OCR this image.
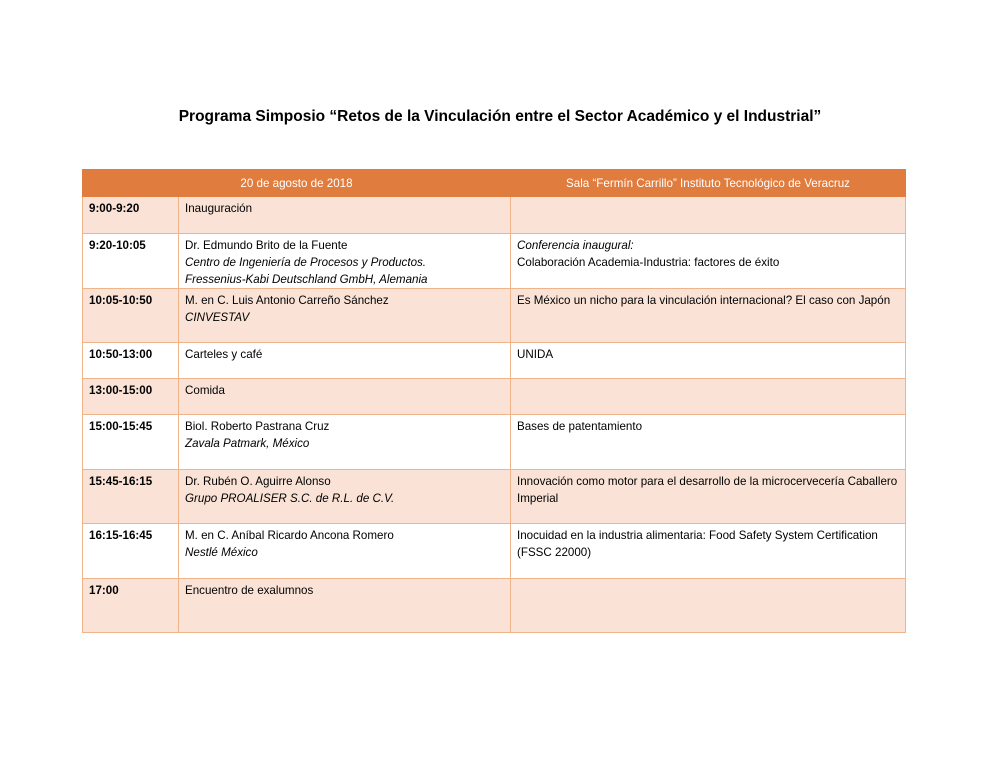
Programa Simposio “Retos de la Vinculación entre el Sector Académico y el Industrial”
20 de agosto de 2018		Sala “Fermín Carrillo” Instituto Tecnológico de Veracruz
9:00-9:20	Inauguración	

9:20-10:05	Dr. Edmundo Brito de la Fuente
Centro de Ingeniería de Procesos y Productos.
Fressenius-Kabi Deutschland GmbH, Alemania	Conferencia inaugural:
Colaboración Academia-Industria: factores de éxito

10:05-10:50	M. en C. Luis Antonio Carreño Sánchez
CINVESTAV	Es México un nicho para la vinculación internacional? El caso con Japón

10:50-13:00	Carteles y café	UNIDA

13:00-15:00	Comida	

15:00-15:45	Biol. Roberto Pastrana Cruz
Zavala Patmark, México	Bases de patentamiento

15:45-16:15	Dr. Rubén O. Aguirre Alonso
Grupo PROALISER S.C. de R.L. de C.V.	Innovación como motor para el desarrollo de la microcervecería Caballero Imperial

16:15-16:45	M. en C. Aníbal Ricardo Ancona Romero
Nestlé México	Inocuidad en la industria alimentaria: Food Safety System Certification (FSSC 22000)

17:00	Encuentro de exalumnos	
